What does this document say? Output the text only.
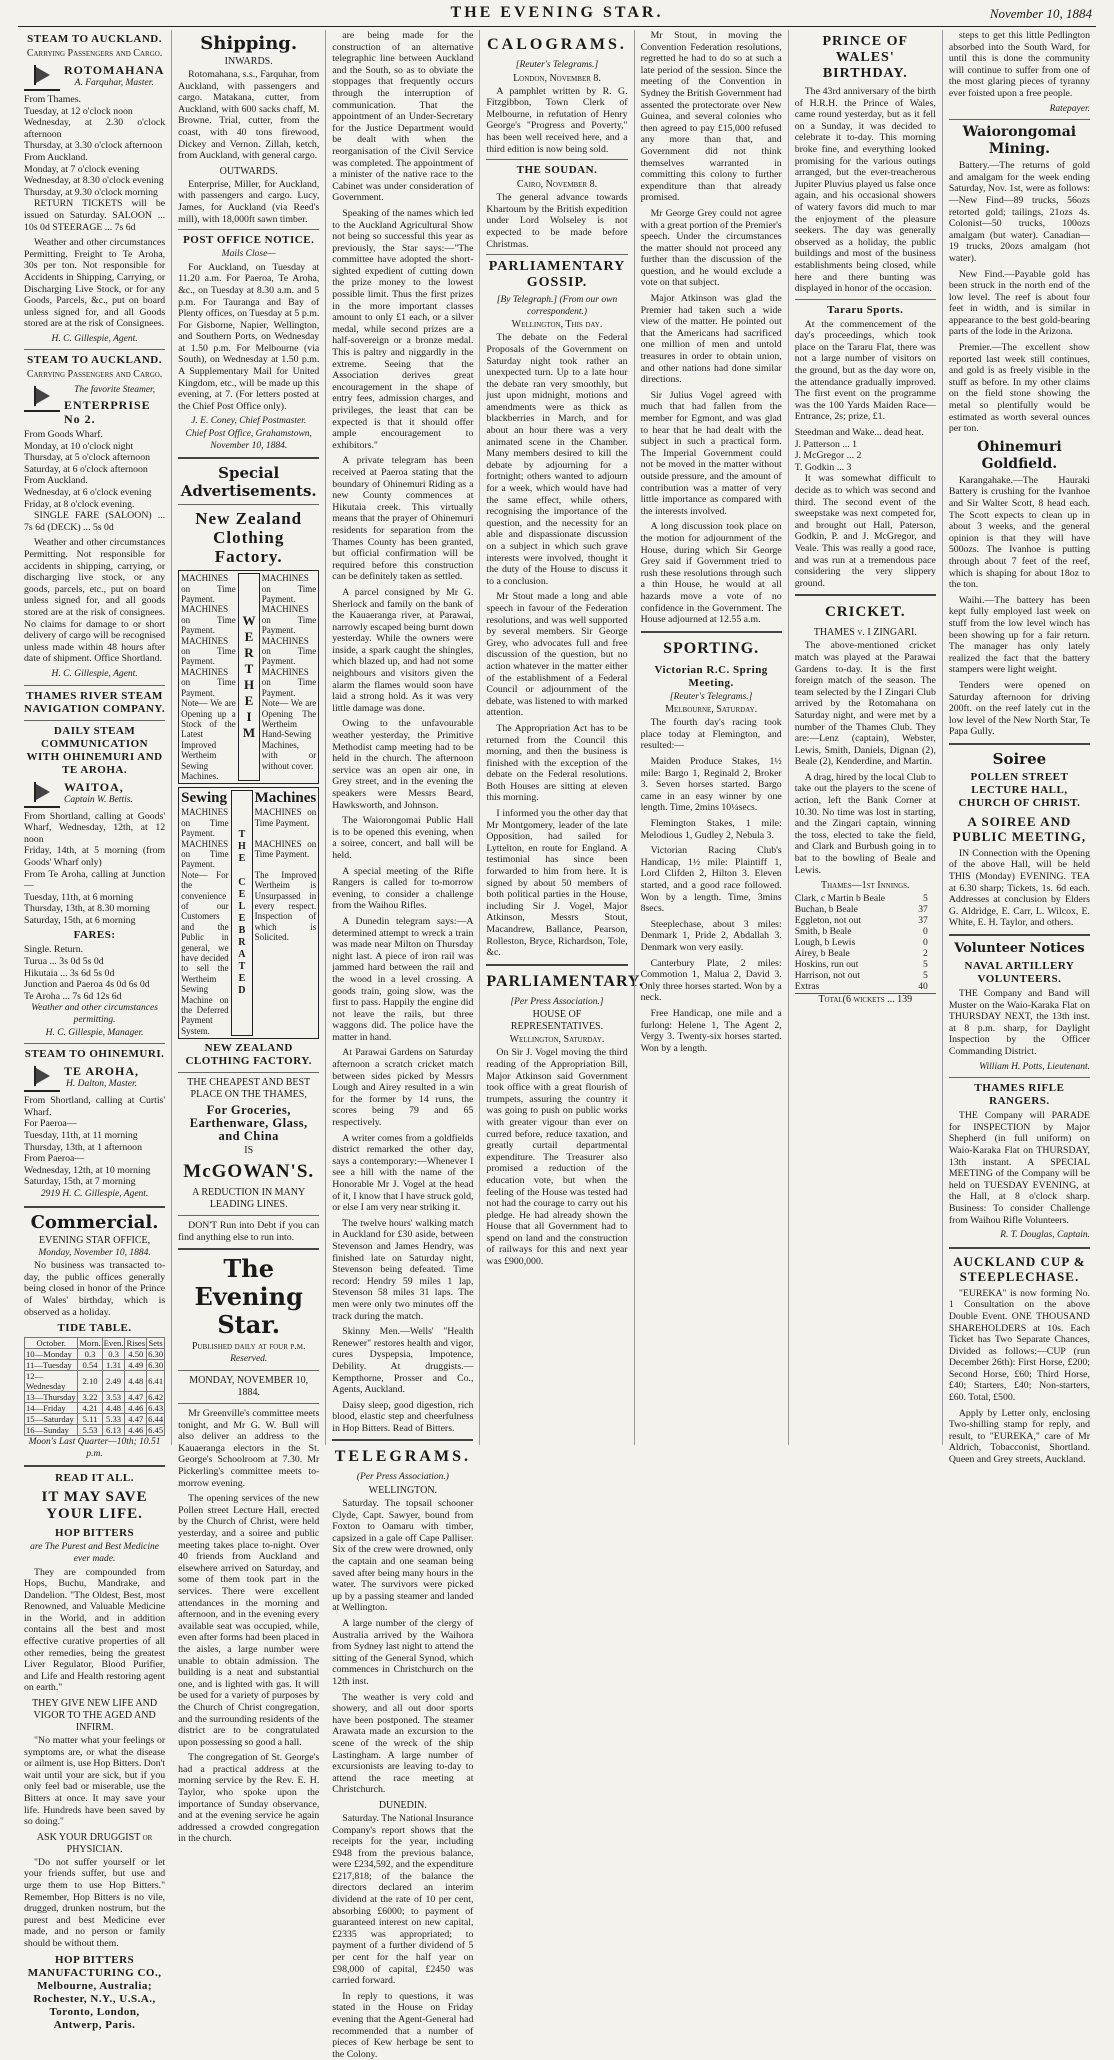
THE EVENING STAR.	November 10, 1884
STEAM TO AUCKLAND.
Carrying Passengers and Cargo.
ROTOMAHANA
A. Farquhar, Master.
From Thames.
Tuesday, at 12 o'clock noon
Wednesday, at 2.30 o'clock afternoon
Thursday, at 3.30 o'clock afternoon
From Auckland.
Monday, at 7 o'clock evening
Wednesday, at 8.30 o'clock evening
Thursday, at 9.30 o'clock morning

RETURN TICKETS will be issued on Saturday. SALOON ... 10s 0d STEERAGE ... 7s 6d

Weather and other circumstances Permitting. Freight to Te Aroha, 30s per ton. Not responsible for Accidents in Shipping, Carrying, or Discharging Live Stock, or for any Goods, Parcels, &c., put on board unless signed for, and all Goods stored are at the risk of Consignees.

H. C. Gillespie, Agent.
STEAM TO AUCKLAND.
Carrying Passengers and Cargo.
The favorite Steamer,
ENTERPRISE No 2.
From Goods Wharf.
Monday, at 10 o'clock night
Thursday, at 5 o'clock afternoon
Saturday, at 6 o'clock afternoon
From Auckland.
Wednesday, at 6 o'clock evening
Friday, at 8 o'clock evening.

SINGLE FARE (SALOON) ... 7s 6d (DECK) ... 5s 0d

Weather and other circumstances Permitting. Not responsible for accidents in shipping, carrying, or discharging live stock, or any goods, parcels, etc., put on board unless signed for, and all goods stored are at the risk of consignees. No claims for damage to or short delivery of cargo will be recognised unless made within 48 hours after date of shipment. Office Shortland.

H. C. Gillespie, Agent.
THAMES RIVER STEAM NAVIGATION COMPANY.
DAILY STEAM COMMUNICATION WITH OHINEMURI AND TE AROHA.
WAITOA,
Captain W. Bettis.
From Shortland, calling at Goods' Wharf, Wednesday, 12th, at 12 noon
Friday, 14th, at 5 morning (from Goods' Wharf only)
From Te Aroha, calling at Junction—
Tuesday, 11th, at 6 morning
Thursday, 13th, at 8.30 morning
Saturday, 15th, at 6 morning
FARES:
Single. Return.
Turua ... 3s 0d 5s 0d
Hikutaia ... 3s 6d 5s 0d
Junction and Paeroa 4s 0d 6s 0d
Te Aroha ... 7s 6d 12s 6d
Weather and other circumstances permitting.
H. C. Gillespie, Manager.
STEAM TO OHINEMURI.
TE AROHA,
H. Dalton, Master.
From Shortland, calling at Curtis' Wharf.
For Paeroa—
Tuesday, 11th, at 11 morning
Thursday, 13th, at 1 afternoon
From Paeroa—
Wednesday, 12th, at 10 morning
Saturday, 15th, at 7 morning
2919 H. C. Gillespie, Agent.
Commercial.
EVENING STAR OFFICE,
Monday, November 10, 1884.

No business was transacted to-day, the public offices generally being closed in honor of the Prince of Wales' birthday, which is observed as a holiday.

TIDE TABLE.
October.	Morn.	Even.	Rises	Sets
10—Monday	0.3	0.3	4.50	6.30
11—Tuesday	0.54	1.31	4.49	6.30
12—Wednesday	2.10	2.49	4.48	6.41
13—Thursday	3.22	3.53	4.47	6.42
14—Friday	4.21	4.48	4.46	6.43
15—Saturday	5.11	5.33	4.47	6.44
16—Sunday	5.53	6.13	4.46	6.45
Moon's Last Quarter—10th; 10.51 p.m.
READ IT ALL.
IT MAY SAVE YOUR LIFE.
HOP BITTERS
are The Purest and Best Medicine ever made.

They are compounded from Hops, Buchu, Mandrake, and Dandelion. "The Oldest, Best, most Renowned, and Valuable Medicine in the World, and in addition contains all the best and most effective curative properties of all other remedies, being the greatest Liver Regulator, Blood Purifier, and Life and Health restoring agent on earth."

THEY GIVE NEW LIFE AND VIGOR TO THE AGED AND INFIRM.

"No matter what your feelings or symptoms are, or what the disease or ailment is, use Hop Bitters. Don't wait until your are sick, but if you only feel bad or miserable, use the Bitters at once. It may save your life. Hundreds have been saved by so doing."

ASK YOUR DRUGGIST or PHYSICIAN.

"Do not suffer yourself or let your friends suffer, but use and urge them to use Hop Bitters." Remember, Hop Bitters is no vile, drugged, drunken nostrum, but the purest and best Medicine ever made, and no person or family should be without them.

HOP BITTERS MANUFACTURING CO., Melbourne, Australia; Rochester, N.Y., U.S.A., Toronto, London, Antwerp, Paris.
Shipping.
INWARDS.

Rotomahana, s.s., Farquhar, from Auckland, with passengers and cargo. Matakana, cutter, from Auckland, with 600 sacks chaff, M. Browne. Trial, cutter, from the coast, with 40 tons firewood, Dickey and Vernon. Zillah, ketch, from Auckland, with general cargo.

OUTWARDS.

Enterprise, Miller, for Auckland, with passengers and cargo. Lucy, James, for Auckland (via Reed's mill), with 18,000ft sawn timber.

POST OFFICE NOTICE.
Mails Close—

For Auckland, on Tuesday at 11.20 a.m. For Paeroa, Te Aroha, &c., on Tuesday at 8.30 a.m. and 5 p.m. For Tauranga and Bay of Plenty offices, on Tuesday at 5 p.m. For Gisborne, Napier, Wellington, and Southern Ports, on Wednesday at 1.50 p.m. For Melbourne (via South), on Wednesday at 1.50 p.m. A Supplementary Mail for United Kingdom, etc., will be made up this evening, at 7. (For letters posted at the Chief Post Office only).

J. E. Coney, Chief Postmaster.
Chief Post Office, Grahamstown, November 10, 1884.
Special Advertisements.
New Zealand Clothing Factory.
MACHINES on Time Payment.
WERTHEIM
MACHINES on Time Payment.
MACHINES on Time Payment.
MACHINES on Time Payment.
MACHINES on Time Payment.
MACHINES on Time Payment.
MACHINES on Time Payment.
MACHINES on Time Payment.
Note— We are Opening up a Stock of the Latest Improved Wertheim Sewing Machines.
Note— We are Opening The Wertheim Hand-Sewing Machines, with or without cover.
Sewing
THE CELEBRATED
Machines
MACHINES on Time Payment.
MACHINES on Time Payment.
MACHINES on Time Payment.
MACHINES on Time Payment.
Note— For the convenience of our Customers and the Public in general, we have decided to sell the Wertheim Sewing Machine on the Deferred Payment System.
The Improved Wertheim is Unsurpassed in every respect. Inspection of which is Solicited.
NEW ZEALAND CLOTHING FACTORY.
THE CHEAPEST AND BEST PLACE ON THE THAMES,
For Groceries, Earthenware, Glass, and China
IS
McGOWAN'S.
A REDUCTION IN MANY LEADING LINES.

DON'T Run into Debt if you can find anything else to run into.

The Evening Star.
Published daily at four p.m.
Reserved.
MONDAY, NOVEMBER 10, 1884.

Mr Greenville's committee meets tonight, and Mr G. W. Bull will also deliver an address to the Kauaeranga electors in the St. George's Schoolroom at 7.30. Mr Pickerling's committee meets to-morrow evening.

The opening services of the new Pollen street Lecture Hall, erected by the Church of Christ, were held yesterday, and a soiree and public meeting takes place to-night. Over 40 friends from Auckland and elsewhere arrived on Saturday, and some of them took part in the services. There were excellent attendances in the morning and afternoon, and in the evening every available seat was occupied, while, even after forms had been placed in the aisles, a large number were unable to obtain admission. The building is a neat and substantial one, and is lighted with gas. It will be used for a variety of purposes by the Church of Christ congregation, and the surrounding residents of the district are to be congratulated upon possessing so good a hall.

The congregation of St. George's had a practical address at the morning service by the Rev. E. H. Taylor, who spoke upon the importance of Sunday observance, and at the evening service he again addressed a crowded congregation in the church.

are being made for the construction of an alternative telegraphic line between Auckland and the South, so as to obviate the stoppages that frequently occurs through the interruption of communication. That the appointment of an Under-Secretary for the Justice Department would be dealt with when the reorganisation of the Civil Service was completed. The appointment of a minister of the native race to the Cabinet was under consideration of Government.

Speaking of the names which led to the Auckland Agricultural Show not being so successful this year as previously, the Star says:—"The committee have adopted the short-sighted expedient of cutting down the prize money to the lowest possible limit. Thus the first prizes in the more important classes amount to only £1 each, or a silver medal, while second prizes are a half-sovereign or a bronze medal. This is paltry and niggardly in the extreme. Seeing that the Association derives great encouragement in the shape of entry fees, admission charges, and privileges, the least that can be expected is that it should offer ample encouragement to exhibitors."

A private telegram has been received at Paeroa stating that the boundary of Ohinemuri Riding as a new County commences at Hikutaia creek. This virtually means that the prayer of Ohinemuri residents for separation from the Thames County has been granted, but official confirmation will be required before this construction can be definitely taken as settled.

A parcel consigned by Mr G. Sherlock and family on the bank of the Kauaeranga river, at Parawai, narrowly escaped being burnt down yesterday. While the owners were inside, a spark caught the shingles, which blazed up, and had not some neighbours and visitors given the alarm the flames would soon have laid a strong hold. As it was very little damage was done.

Owing to the unfavourable weather yesterday, the Primitive Methodist camp meeting had to be held in the church. The afternoon service was an open air one, in Grey street, and in the evening the speakers were Messrs Beard, Hawksworth, and Johnson.

The Waiorongomai Public Hall is to be opened this evening, when a soiree, concert, and ball will be held.

A special meeting of the Rifle Rangers is called for to-morrow evening, to consider a challenge from the Waihou Rifles.

A Dunedin telegram says:—A determined attempt to wreck a train was made near Milton on Thursday night last. A piece of iron rail was jammed hard between the rail and the wood in a level crossing. A goods train, going slow, was the first to pass. Happily the engine did not leave the rails, but three waggons did. The police have the matter in hand.

At Parawai Gardens on Saturday afternoon a scratch cricket match between sides picked by Messrs Lough and Airey resulted in a win for the former by 14 runs, the scores being 79 and 65 respectively.

A writer comes from a goldfields district remarked the other day, says a contemporary:—Whenever I see a hill with the name of the Honorable Mr J. Vogel at the head of it, I know that I have struck gold, or else I am very near striking it.

The twelve hours' walking match in Auckland for £30 aside, between Stevenson and James Hendry, was finished late on Saturday night, Stevenson being defeated. Time record: Hendry 59 miles 1 lap, Stevenson 58 miles 31 laps. The men were only two minutes off the track during the match.

Skinny Men.—Wells' "Health Renewer" restores health and vigor, cures Dyspepsia, Impotence, Debility. At druggists.—Kempthorne, Prosser and Co., Agents, Auckland.

Daisy sleep, good digestion, rich blood, elastic step and cheerfulness in Hop Bitters. Read of Bitters.

TELEGRAMS.
(Per Press Association.)
WELLINGTON.

Saturday. The topsail schooner Clyde, Capt. Sawyer, bound from Foxton to Oamaru with timber, capsized in a gale off Cape Palliser. Six of the crew were drowned, only the captain and one seaman being saved after being many hours in the water. The survivors were picked up by a passing steamer and landed at Wellington.

A large number of the clergy of Australia arrived by the Waihora from Sydney last night to attend the sitting of the General Synod, which commences in Christchurch on the 12th inst.

The weather is very cold and showery, and all out door sports have been postponed. The steamer Arawata made an excursion to the scene of the wreck of the ship Lastingham. A large number of excursionists are leaving to-day to attend the race meeting at Christchurch.

DUNEDIN.

Saturday. The National Insurance Company's report shows that the receipts for the year, including £948 from the previous balance, were £234,592, and the expenditure £217,818; of the balance the directors declared an interim dividend at the rate of 10 per cent, absorbing £6000; to payment of guaranteed interest on new capital, £2335 was appropriated; to payment of a further dividend of 5 per cent for the half year on £98,000 of capital, £2450 was carried forward.

In reply to questions, it was stated in the House on Friday evening that the Agent-General had recommended that a number of pieces of Kew herbage be sent to the Colony.

CALOGRAMS.
[Reuter's Telegrams.]
London, November 8.

A pamphlet written by R. G. Fitzgibbon, Town Clerk of Melbourne, in refutation of Henry George's "Progress and Poverty," has been well received here, and a third edition is now being sold.

THE SOUDAN.
Cairo, November 8.

The general advance towards Khartoum by the British expedition under Lord Wolseley is not expected to be made before Christmas.

PARLIAMENTARY GOSSIP.
[By Telegraph.] (From our own correspondent.)
Wellington, This day.

The debate on the Federal Proposals of the Government on Saturday night took rather an unexpected turn. Up to a late hour the debate ran very smoothly, but just upon midnight, motions and amendments were as thick as blackberries in March, and for about an hour there was a very animated scene in the Chamber. Many members desired to kill the debate by adjourning for a fortnight; others wanted to adjourn for a week, which would have had the same effect, while others, recognising the importance of the question, and the necessity for an able and dispassionate discussion on a subject in which such grave interests were involved, thought it the duty of the House to discuss it to a conclusion.

Mr Stout made a long and able speech in favour of the Federation resolutions, and was well supported by several members. Sir George Grey, who advocates full and free discussion of the question, but no action whatever in the matter either of the establishment of a Federal Council or adjournment of the debate, was listened to with marked attention.

The Appropriation Act has to be returned from the Council this morning, and then the business is finished with the exception of the debate on the Federal resolutions. Both Houses are sitting at eleven this morning.

I informed you the other day that Mr Montgomery, leader of the late Opposition, had sailed for Lyttelton, en route for England. A testimonial has since been forwarded to him from here. It is signed by about 50 members of both political parties in the House, including Sir J. Vogel, Major Atkinson, Messrs Stout, Macandrew, Ballance, Pearson, Rolleston, Bryce, Richardson, Tole, &c.

PARLIAMENTARY.
[Per Press Association.]
HOUSE OF REPRESENTATIVES.
Wellington, Saturday.

On Sir J. Vogel moving the third reading of the Appropriation Bill, Major Atkinson said Government took office with a great flourish of trumpets, assuring the country it was going to push on public works with greater vigour than ever on curred before, reduce taxation, and greatly curtail departmental expenditure. The Treasurer also promised a reduction of the education vote, but when the feeling of the House was tested had not had the courage to carry out his pledge. He had already shown the House that all Government had to spend on land and the construction of railways for this and next year was £900,000.

Mr Stout, in moving the Convention Federation resolutions, regretted he had to do so at such a late period of the session. Since the meeting of the Convention in Sydney the British Government had assented the protectorate over New Guinea, and several colonies who then agreed to pay £15,000 refused any more than that, and Government did not think themselves warranted in committing this colony to further expenditure than that already promised.

Mr George Grey could not agree with a great portion of the Premier's speech. Under the circumstances the matter should not proceed any further than the discussion of the question, and he would exclude a vote on that subject.

Major Atkinson was glad the Premier had taken such a wide view of the matter. He pointed out that the Americans had sacrificed one million of men and untold treasures in order to obtain union, and other nations had done similar directions.

Sir Julius Vogel agreed with much that had fallen from the member for Egmont, and was glad to hear that he had dealt with the subject in such a practical form. The Imperial Government could not be moved in the matter without outside pressure, and the amount of contribution was a matter of very little importance as compared with the interests involved.

A long discussion took place on the motion for adjournment of the House, during which Sir George Grey said if Government tried to rush these resolutions through such a thin House, he would at all hazards move a vote of no confidence in the Government. The House adjourned at 12.55 a.m.

SPORTING.
Victorian R.C. Spring Meeting.
[Reuter's Telegrams.]
Melbourne, Saturday.

The fourth day's racing took place today at Flemington, and resulted:—

Maiden Produce Stakes, 1½ mile: Bargo 1, Reginald 2, Broker 3. Seven horses started. Bargo came in an easy winner by one length. Time, 2mins 10¼secs.

Flemington Stakes, 1 mile: Melodious 1, Gudley 2, Nebula 3.

Victorian Racing Club's Handicap, 1½ mile: Plaintiff 1, Lord Clifden 2, Hilton 3. Eleven started, and a good race followed. Won by a length. Time, 3mins 8secs.

Steeplechase, about 3 miles: Denmark 1, Pride 2, Abdallah 3. Denmark won very easily.

Canterbury Plate, 2 miles: Commotion 1, Malua 2, David 3. Only three horses started. Won by a neck.

Free Handicap, one mile and a furlong: Helene 1, The Agent 2, Vergy 3. Twenty-six horses started. Won by a length.

PRINCE OF WALES' BIRTHDAY.

The 43rd anniversary of the birth of H.R.H. the Prince of Wales, came round yesterday, but as it fell on a Sunday, it was decided to celebrate it to-day. This morning broke fine, and everything looked promising for the various outings arranged, but the ever-treacherous Jupiter Pluvius played us false once again, and his occasional showers of watery favors did much to mar the enjoyment of the pleasure seekers. The day was generally observed as a holiday, the public buildings and most of the business establishments being closed, while here and there bunting was displayed in honor of the occasion.

Tararu Sports.

At the commencement of the day's proceedings, which took place on the Tararu Flat, there was not a large number of visitors on the ground, but as the day wore on, the attendance gradually improved. The first event on the programme was the 100 Yards Maiden Race—Entrance, 2s; prize, £1.

Steedman and Wake... dead heat.
J. Patterson ... 1
J. McGregor ... 2
T. Godkin ... 3

It was somewhat difficult to decide as to which was second and third. The second event of the sweepstake was next competed for, and brought out Hall, Paterson, Godkin, P. and J. McGregor, and Veale. This was really a good race, and was run at a tremendous pace considering the very slippery ground.

CRICKET.
THAMES v. I ZINGARI.

The above-mentioned cricket match was played at the Parawai Gardens to-day. It is the first foreign match of the season. The team selected by the I Zingari Club arrived by the Rotomahana on Saturday night, and were met by a number of the Thames Club. They are:—Lenz (captain), Webster, Lewis, Smith, Daniels, Dignan (2), Beale (2), Kenderdine, and Martin.

A drag, hired by the local Club to take out the players to the scene of action, left the Bank Corner at 10.30. No time was lost in starting, and the Zingari captain, winning the toss, elected to take the field, and Clark and Burbush going in to bat to the bowling of Beale and Lewis.

Thames—1st Innings.
Clark, c Martin b Beale	5
Buchan, b Beale	37
Eggleton, not out	37
Smith, b Beale	0
Lough, b Lewis	0
Airey, b Beale	2
Hoskins, run out	5
Harrison, not out	5
Extras	40
Total(6 wickets ... 139

steps to get this little Pedlington absorbed into the South Ward, for until this is done the community will continue to suffer from one of the most glaring pieces of tyranny ever foisted upon a free people.

Ratepayer.
Waiorongomai Mining.

Battery.—The returns of gold and amalgam for the week ending Saturday, Nov. 1st, were as follows:—New Find—89 trucks, 56ozs retorted gold; tailings, 21ozs 4s. Colonist—50 trucks, 100ozs amalgam (but water). Canadian—19 trucks, 20ozs amalgam (hot water).

New Find.—Payable gold has been struck in the north end of the low level. The reef is about four feet in width, and is similar in appearance to the best gold-bearing parts of the lode in the Arizona.

Premier.—The excellent show reported last week still continues, and gold is as freely visible in the stuff as before. In my other claims on the field stone showing the metal so plentifully would be estimated as worth several ounces per ton.

Ohinemuri Goldfield.

Karangahake.—The Hauraki Battery is crushing for the Ivanhoe and Sir Walter Scott, 8 head each. The Scott expects to clean up in about 3 weeks, and the general opinion is that they will have 500ozs. The Ivanhoe is putting through about 7 feet of the reef, which is shaping for about 18oz to the ton.

Waihi.—The battery has been kept fully employed last week on stuff from the low level winch has been showing up for a fair return. The manager has only lately realized the fact that the battery stampers were light weight.

Tenders were opened on Saturday afternoon for driving 200ft. on the reef lately cut in the low level of the New North Star, Te Papa Gully.

Soiree
POLLEN STREET LECTURE HALL, CHURCH OF CHRIST.
A SOIREE AND PUBLIC MEETING,

IN Connection with the Opening of the above Hall, will be held THIS (Monday) EVENING. TEA at 6.30 sharp; Tickets, 1s. 6d each. Addresses at conclusion by Elders G. Aldridge, E. Carr, L. Wilcox, E. White, E. H. Taylor, and others.

Volunteer Notices
NAVAL ARTILLERY VOLUNTEERS.

THE Company and Band will Muster on the Waio-Karaka Flat on THURSDAY NEXT, the 13th inst. at 8 p.m. sharp, for Daylight Inspection by the Officer Commanding District.

William H. Potts, Lieutenant.
THAMES RIFLE RANGERS.

THE Company will PARADE for INSPECTION by Major Shepherd (in full uniform) on Waio-Karaka Flat on THURSDAY, 13th instant. A SPECIAL MEETING of the Company will be held on TUESDAY EVENING, at the Hall, at 8 o'clock sharp. Business: To consider Challenge from Waihou Rifle Volunteers.

R. T. Douglas, Captain.
AUCKLAND CUP & STEEPLECHASE.

"EUREKA" is now forming No. 1 Consultation on the above Double Event. ONE THOUSAND SHAREHOLDERS at 10s. Each Ticket has Two Separate Chances, Divided as follows:—CUP (run December 26th): First Horse, £200; Second Horse, £60; Third Horse, £40; Starters, £40; Non-starters, £60. Total, £500.

Apply by Letter only, enclosing Two-shilling stamp for reply, and result, to "EUREKA," care of Mr Aldrich, Tobacconist, Shortland. Queen and Grey streets, Auckland.
